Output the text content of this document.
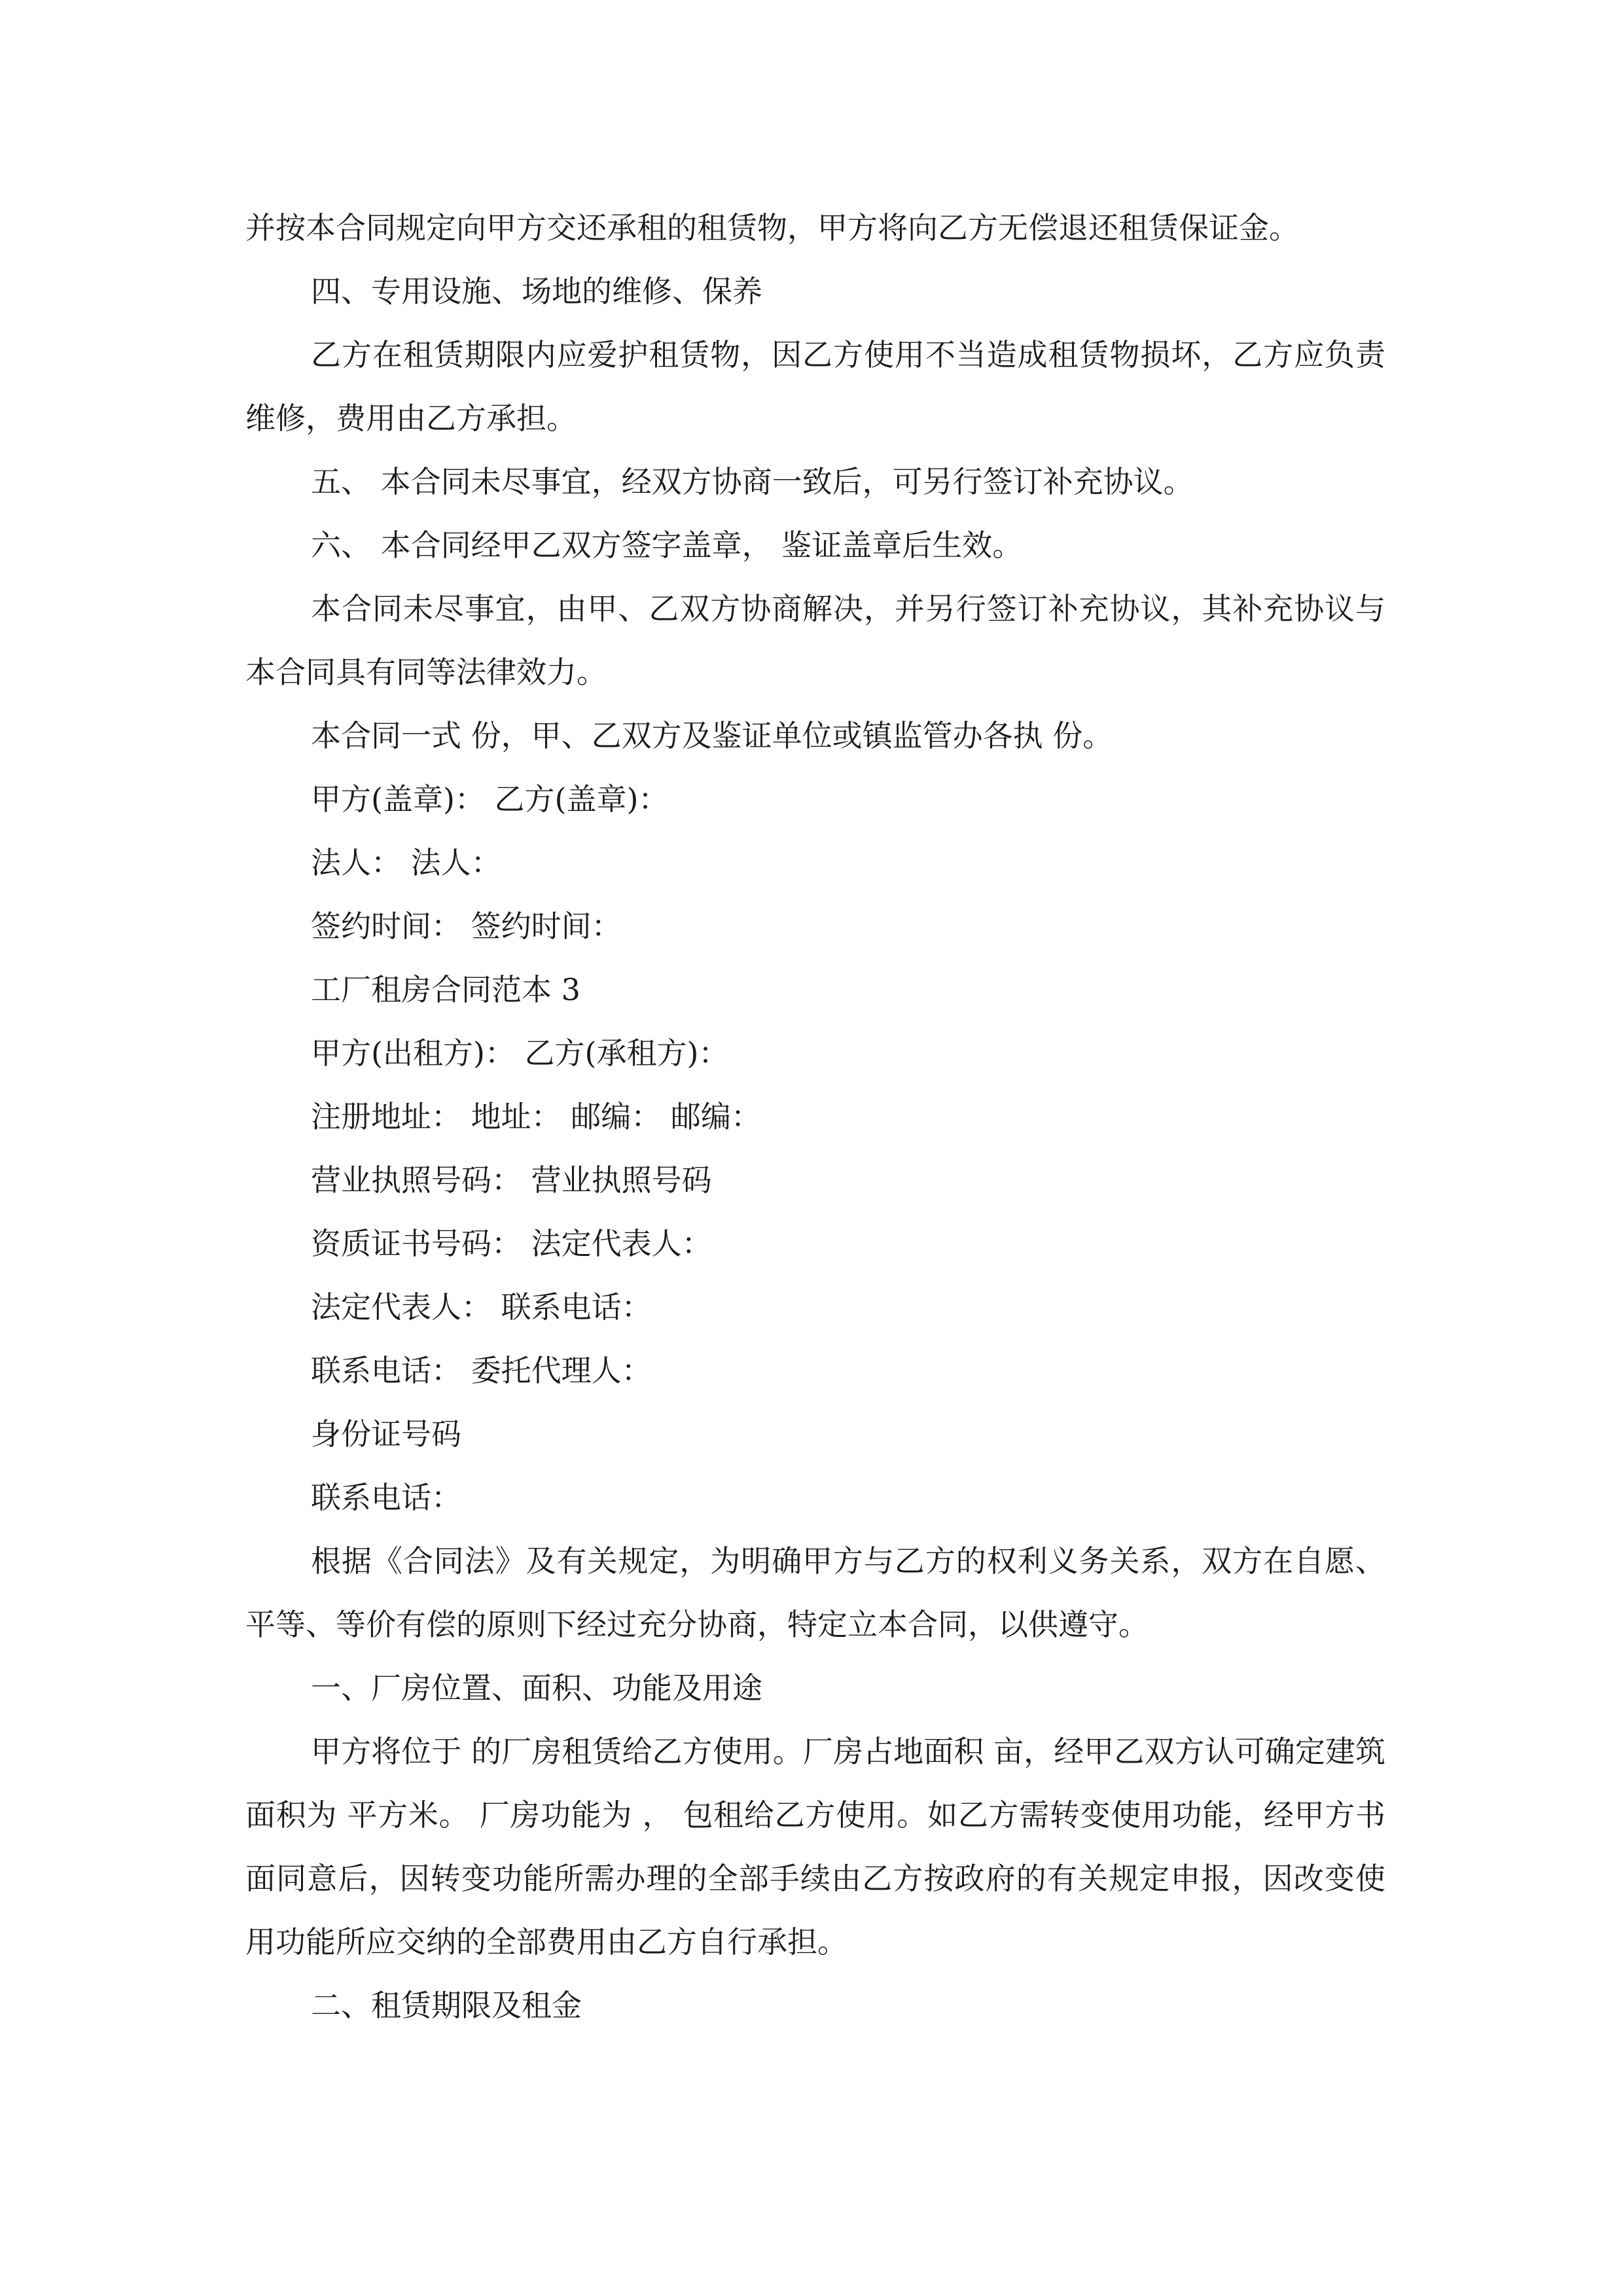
并按本合同规定向甲方交还承租的租赁物，甲方将向乙方无偿退还租赁保证金。

四、专用设施、场地的维修、保养

乙方在租赁期限内应爱护租赁物，因乙方使用不当造成租赁物损坏，乙方应负责维修，费用由乙方承担。

五、 本合同未尽事宜，经双方协商一致后，可另行签订补充协议。

六、 本合同经甲乙双方签字盖章， 鉴证盖章后生效。

本合同未尽事宜，由甲、乙双方协商解决，并另行签订补充协议，其补充协议与本合同具有同等法律效力。

本合同一式 份，甲、乙双方及鉴证单位或镇监管办各执 份。

甲方(盖章)： 乙方(盖章)：

法人： 法人：

签约时间： 签约时间：

工厂租房合同范本 3

甲方(出租方)： 乙方(承租方)：

注册地址： 地址： 邮编： 邮编：

营业执照号码： 营业执照号码

资质证书号码： 法定代表人：

法定代表人： 联系电话：

联系电话： 委托代理人：

身份证号码

联系电话：

根据《合同法》及有关规定，为明确甲方与乙方的权利义务关系，双方在自愿、平等、等价有偿的原则下经过充分协商，特定立本合同，以供遵守。

一、厂房位置、面积、功能及用途

甲方将位于 的厂房租赁给乙方使用。厂房占地面积 亩，经甲乙双方认可确定建筑面积为 平方米。 厂房功能为 ， 包租给乙方使用。如乙方需转变使用功能，经甲方书面同意后，因转变功能所需办理的全部手续由乙方按政府的有关规定申报，因改变使用功能所应交纳的全部费用由乙方自行承担。

二、租赁期限及租金
